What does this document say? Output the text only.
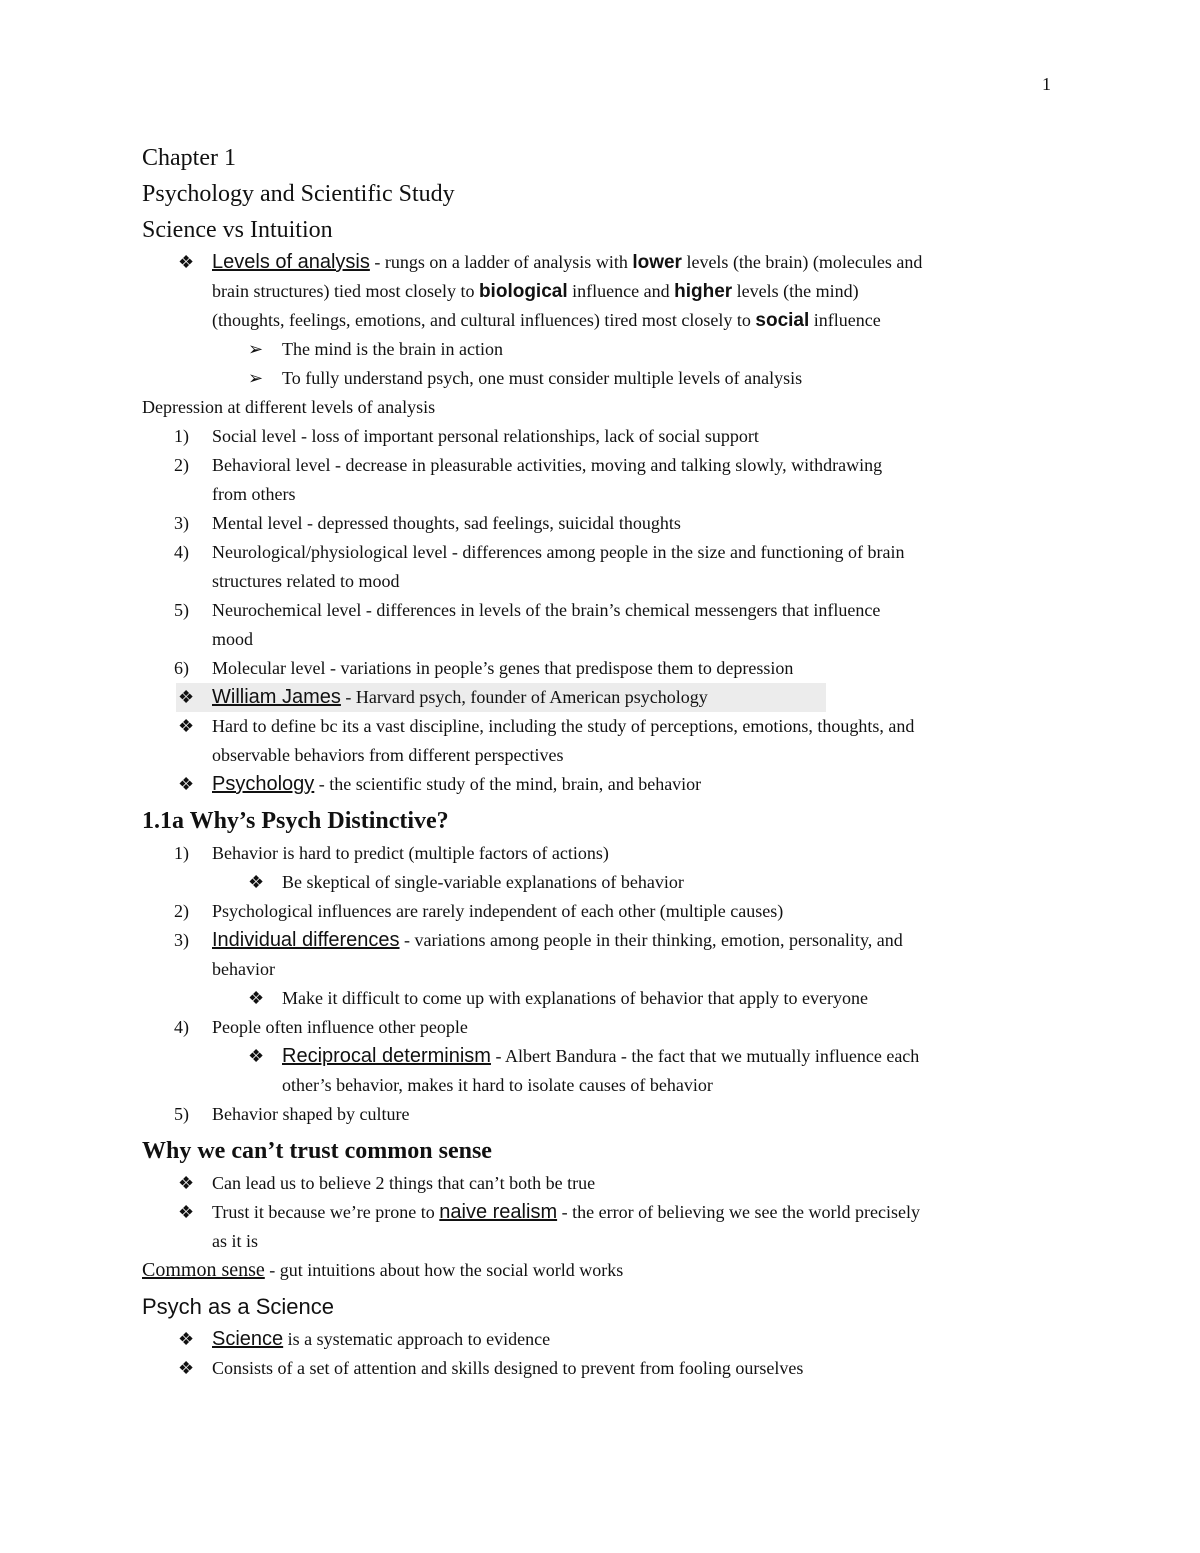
1
Chapter 1
Psychology and Scientific Study
Science vs Intuition
❖ Levels of analysis - rungs on a ladder of analysis with lower levels (the brain) (molecules and
brain structures) tied most closely to biological influence and higher levels (the mind)
(thoughts, feelings, emotions, and cultural influences) tired most closely to social influence
➢	The mind is the brain in action
➢	To fully understand psych, one must consider multiple levels of analysis
Depression at different levels of analysis
1) Social level - loss of important personal relationships, lack of social support
2) Behavioral level - decrease in pleasurable activities, moving and talking slowly, withdrawing
from others
3) Mental level - depressed thoughts, sad feelings, suicidal thoughts
4) Neurological/physiological level - differences among people in the size and functioning of brain
structures related to mood
5) Neurochemical level - differences in levels of the brain’s chemical messengers that influence
mood
6) Molecular level - variations in people’s genes that predispose them to depression
❖ William James - Harvard psych, founder of American psychology
❖ Hard to define bc its a vast discipline, including the study of perceptions, emotions, thoughts, and
observable behaviors from different perspectives
❖ Psychology - the scientific study of the mind, brain, and behavior
1.1a Why’s Psych Distinctive?
1) Behavior is hard to predict (multiple factors of actions)
❖ Be skeptical of single-variable explanations of behavior
2) Psychological influences are rarely independent of each other (multiple causes)
3) Individual differences - variations among people in their thinking, emotion, personality, and
behavior
❖ Make it difficult to come up with explanations of behavior that apply to everyone
4) People often influence other people
❖ Reciprocal determinism - Albert Bandura - the fact that we mutually influence each
other’s behavior, makes it hard to isolate causes of behavior
5) Behavior shaped by culture
Why we can’t trust common sense
❖ Can lead us to believe 2 things that can’t both be true
❖ Trust it because we’re prone to naive realism - the error of believing we see the world precisely
as it is
Common sense - gut intuitions about how the social world works
Psych as a Science
❖ Science is a systematic approach to evidence
❖ Consists of a set of attention and skills designed to prevent from fooling ourselves
